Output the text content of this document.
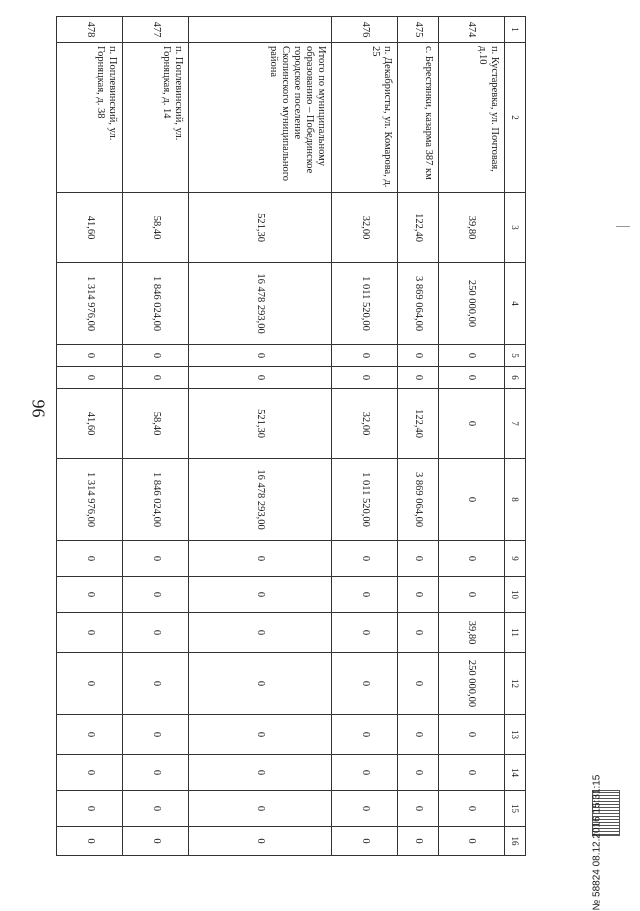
96
1	2	3	4	5	6	7	8	9	10	11	12	13	14	15	16
474	п. Кустаревка, ул. Почтовая, д.10	39,80	250 000,00	0	0	0	0	0	0	39,80	250 000,00	0	0	0	0
475	с. Берестянки, казарма 387 км	122,40	3 869 064,00	0	0	122,40	3 869 064,00	0	0	0	0	0	0	0	0
476	п. Декабристы, ул. Комарова, д. 25	32,00	1 011 520,00	0	0	32,00	1 011 520,00	0	0	0	0	0	0	0	0
	Итого по муниципальному образованию – Побединское городское поселение Скопинского муниципального района	521,30	16 478 293,00	0	0	521,30	16 478 293,00	0	0	0	0	0	0	0	0
477	п. Поплевинский, ул. Горняцкая, д. 14	58,40	1 846 024,00	0	0	58,40	1 846 024,00	0	0	0	0	0	0	0	0
478	п. Поплевинский, ул. Горняцкая, д. 38	41,60	1 314 976,00	0	0	41,60	1 314 976,00	0	0	0	0	0	0	0	0	№ 58824 08.12.2016 15:31:15
